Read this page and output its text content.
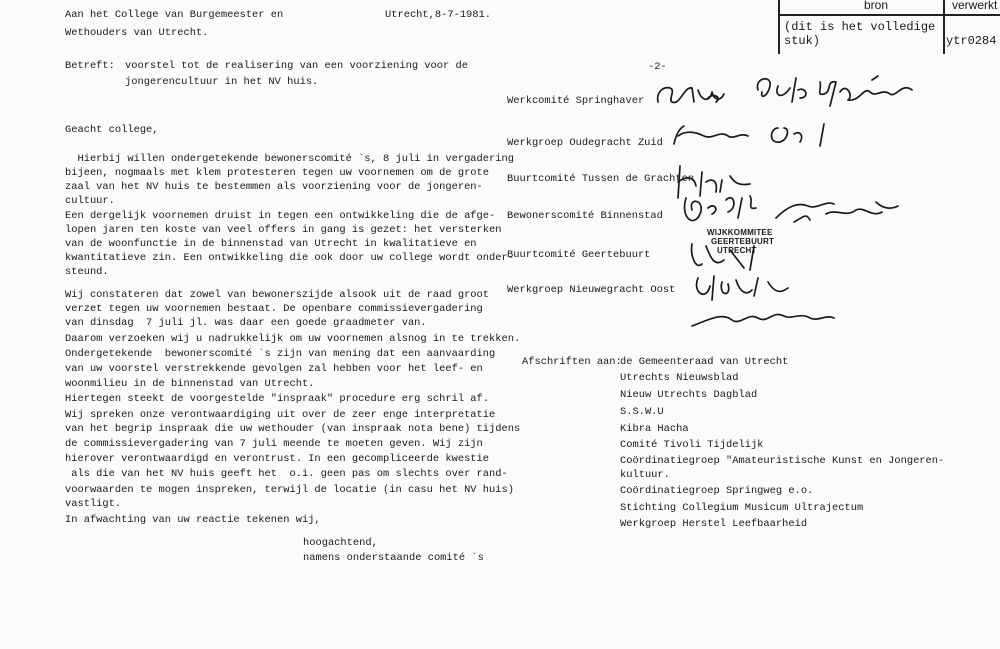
bron	verwerkt
(dit is het volledige
stuk)	ytr0284
Aan het College van Burgemeester en
Wethouders van Utrecht.
Utrecht,8-7-1981.
Betreft: voorstel tot de realisering van een voorziening voor de
jongerencultuur in het NV huis.
Geacht college,
Hierbij willen ondergetekende bewonerscomité `s, 8 juli in vergadering
bijeen, nogmaals met klem protesteren tegen uw voornemen om de grote
zaal van het NV huis te bestemmen als voorziening voor de jongeren-
cultuur.
Een dergelijk voornemen druist in tegen een ontwikkeling die de afge-
lopen jaren ten koste van veel offers in gang is gezet: het versterken
van de woonfunctie in de binnenstad van Utrecht in kwalitatieve en
kwantitatieve zin. Een ontwikkeling die ook door uw college wordt onder-
steund.
Wij constateren dat zowel van bewonerszijde alsook uit de raad groot
verzet tegen uw voornemen bestaat. De openbare commissievergadering
van dinsdag  7 juli jl. was daar een goede graadmeter van.
Daarom verzoeken wij u nadrukkelijk om uw voornemen alsnog in te trekken.
Ondergetekende  bewonerscomité `s zijn van mening dat een aanvaarding
van uw voorstel verstrekkende gevolgen zal hebben voor het leef- en
woonmilieu in de binnenstad van Utrecht.
Hiertegen steekt de voorgestelde "inspraak" procedure erg schril af.
Wij spreken onze verontwaardiging uit over de zeer enge interpretatie
van het begrip inspraak die uw wethouder (van inspraak nota bene) tijdens
de commissievergadering van 7 juli meende te moeten geven. Wij zijn
hierover verontwaardigd en verontrust. In een gecompliceerde kwestie
als die van het NV huis geeft het  o.i. geen pas om slechts over rand-
voorwaarden te mogen inspreken, terwijl de locatie (in casu het NV huis)
vastligt.
In afwachting van uw reactie tekenen wij,
hoogachtend,
namens onderstaande comité `s
-2-
Werkcomité Springhaver
Werkgroep Oudegracht Zuid
Buurtcomité Tussen de Grachten
Bewonerscomité Binnenstad
Buurtcomité Geertebuurt
Werkgroep Nieuwegracht Oost
WIJKKOMMITEE
GEERTEBUURT
UTRECHT
Afschriften aan:
de Gemeenteraad van Utrecht
Utrechts Nieuwsblad
Nieuw Utrechts Dagblad
S.S.W.U
Kibra Hacha
Comité Tivoli Tijdelijk
Coördinatiegroep "Amateuristische Kunst en Jongeren-
kultuur.
Coördinatiegroep Springweg e.o.
Stichting Collegium Musicum Ultrajectum
Werkgroep Herstel Leefbaarheid
